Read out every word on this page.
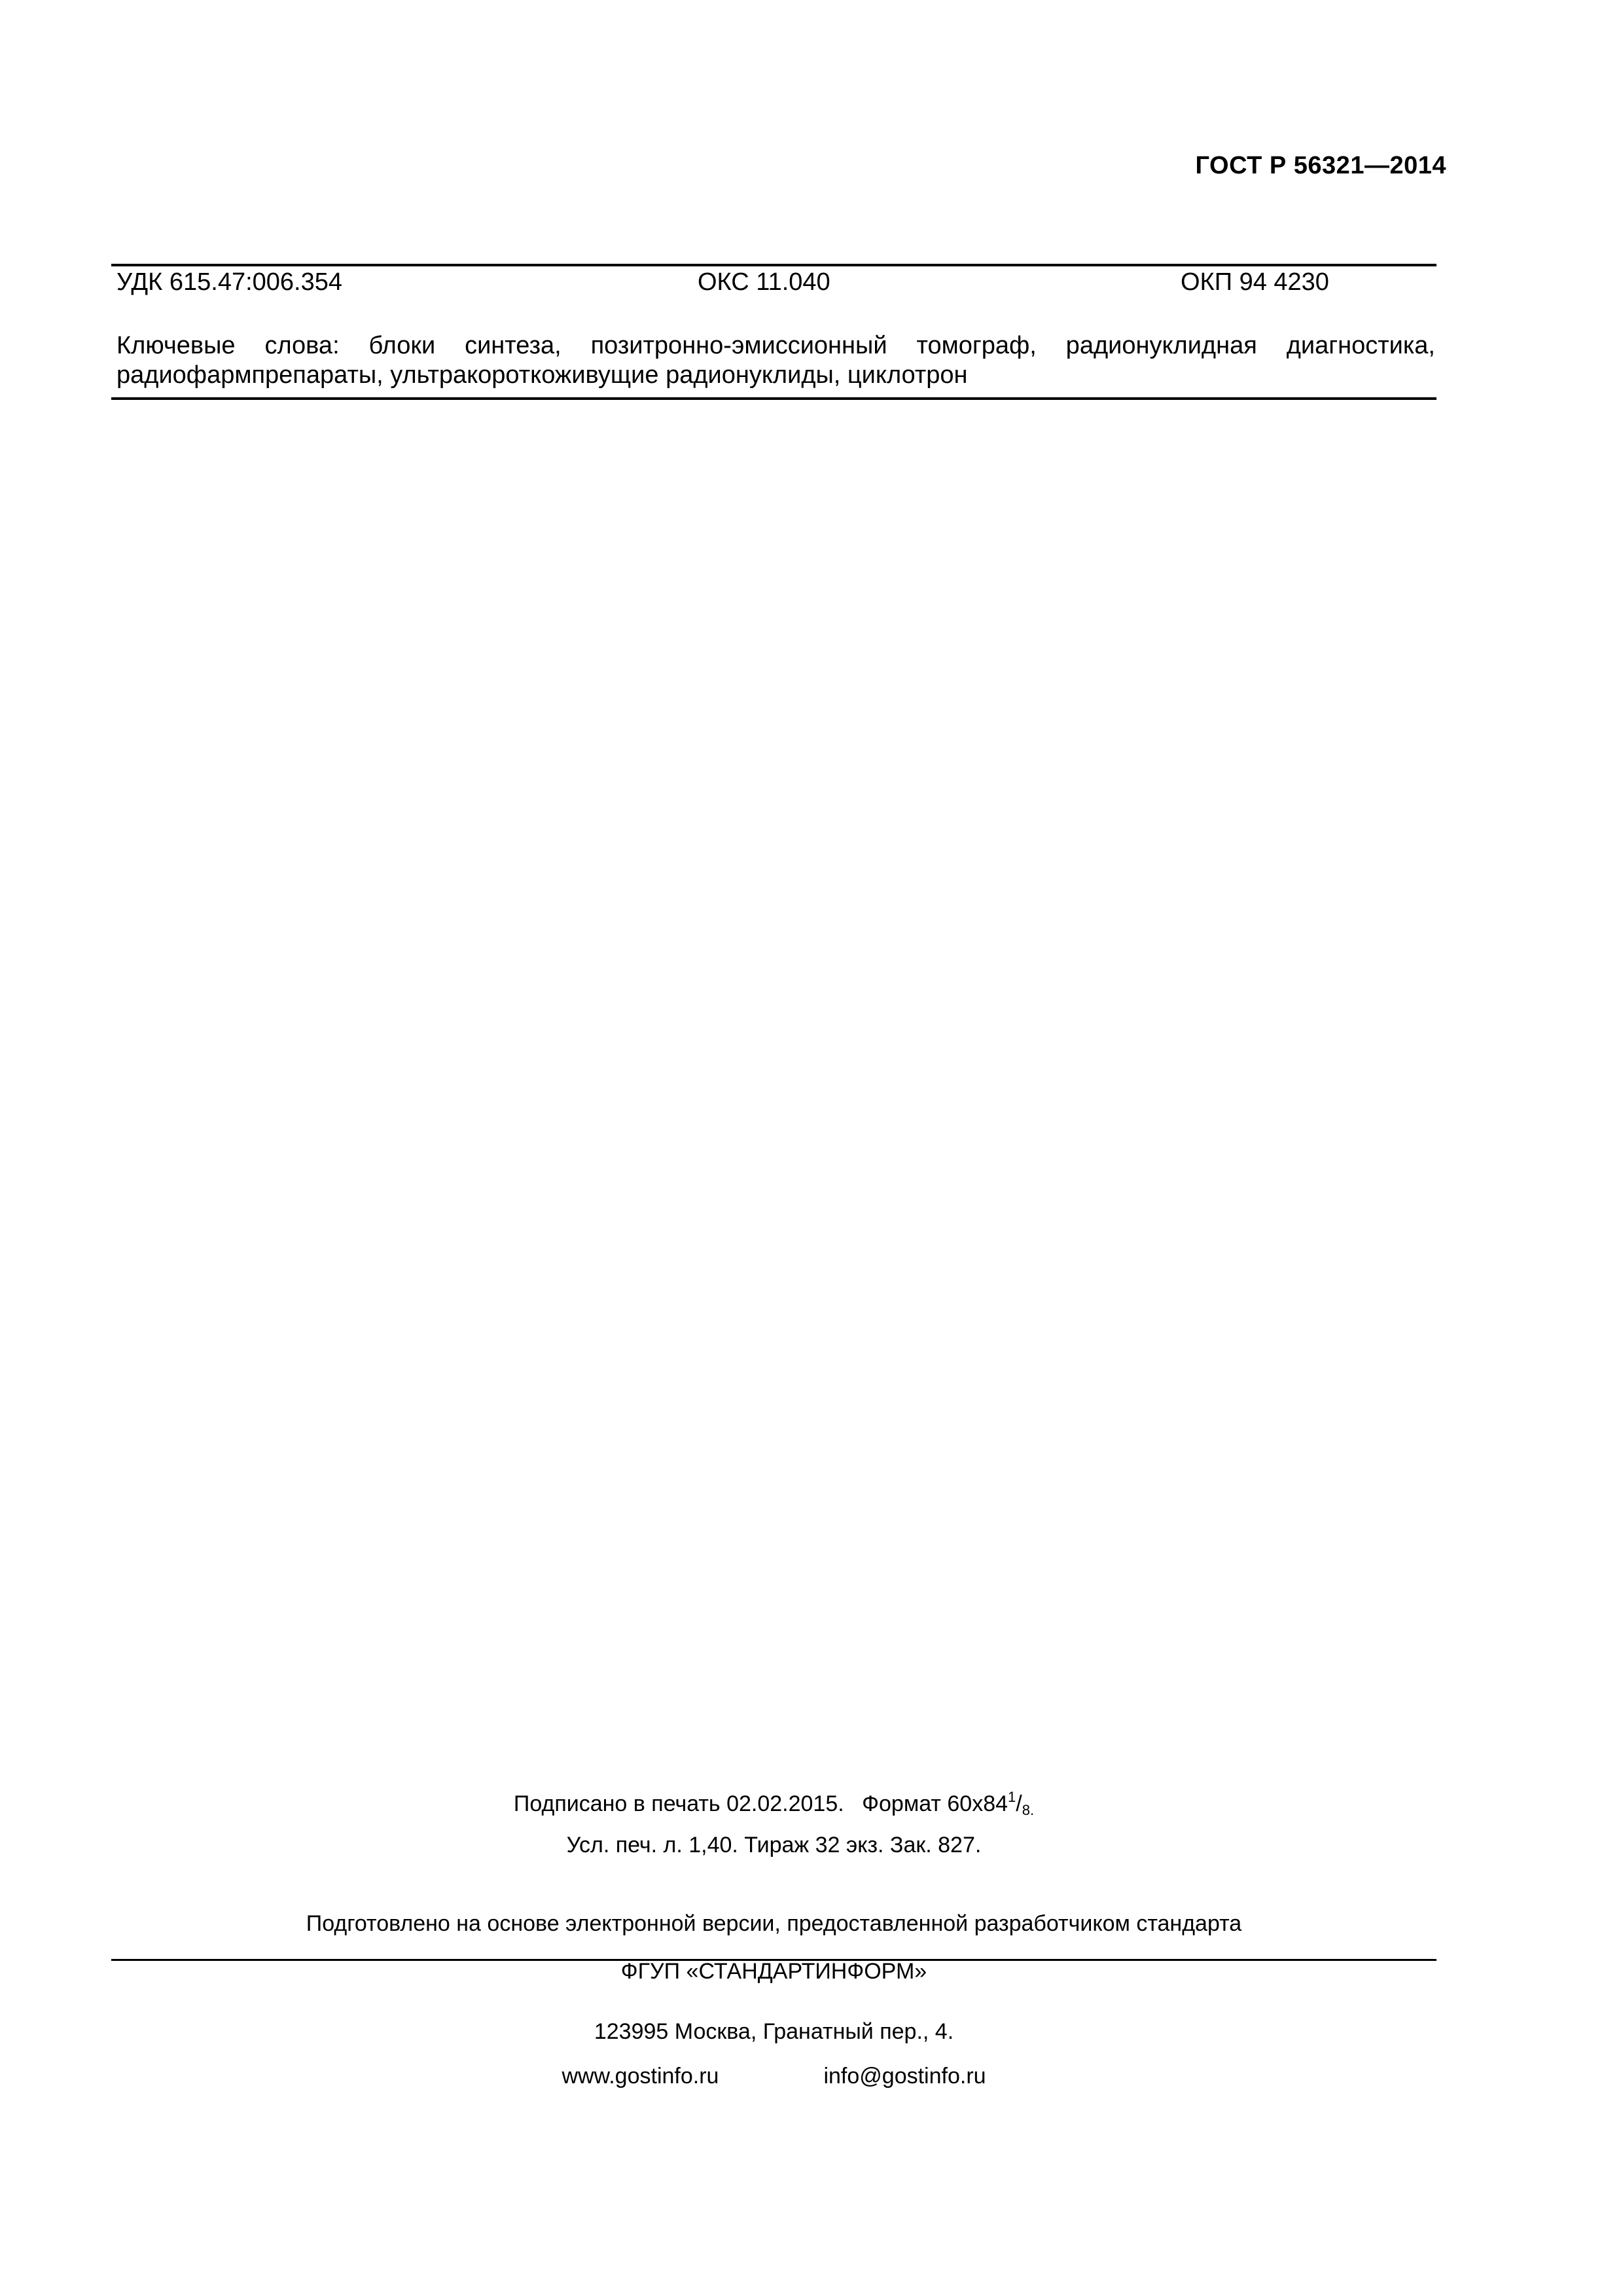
ГОСТ Р 56321—2014
УДК 615.47:006.354	ОКС 11.040	ОКП 94 4230
Ключевые слова: блоки синтеза, позитронно-эмиссионный томограф, радионуклидная диагностика,
радиофармпрепараты, ультракороткоживущие радионуклиды, циклотрон
Подписано в печать 02.02.2015. Формат $60x84^1/_{8.}$
Усл. печ. л. 1,40. Тираж 32 экз. Зак. 827.
Подготовлено на основе электронной версии, предоставленной разработчиком стандарта
ФГУП «СТАНДАРТИНФОРМ»
123995 Москва, Гранатный пер., 4.
www.gostinfo.ru	info@gostinfo.ru
